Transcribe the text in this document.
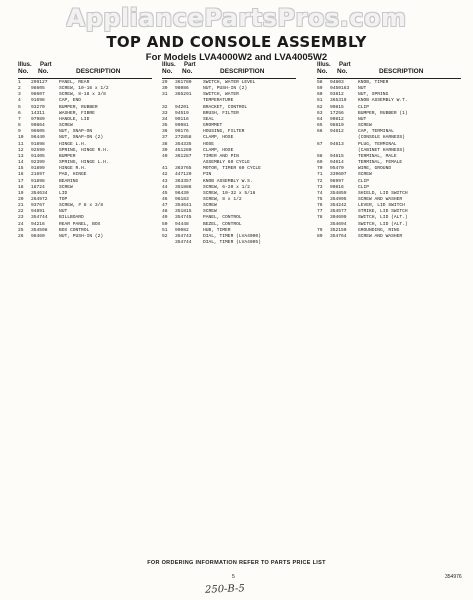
AppliancePartsPros.com
TOP AND CONSOLE ASSEMBLY
For Models LVA4000W2 and LVA4005W2
Illus. Part
No. No.	DESCRIPTION
1	299127	PANEL, REAR
2	98605	SCREW, 10-16 x 1/2
3	98607	SCREW, 8-18 x 3/8
4	91698	CAP, END
5	93270	BUMPER, RUBBER
6	14311	WASHER, FIBRE
7	97989	HANDLE, LID
8	90864	SCREW
9	96605	NUT, SNAP-ON
10	96440	NUT, SNAP-ON (2)
11	91898	HINGE L.H.
12	92599	SPRING, HINGE R.H.
13	91405	BUMPER
14	92399	SPRING, HINGE L.H.
15	91899	HINGE R.H.
16	21697	PAD, HINGE
17	91898	BEARING
18	18724	SCREW
19	354634	LID
20	264972	TOP
21	93767	SCREW, # 8 x 3/8
22	94891	NUT
23	354744	BILLBOARD
24	94216	REAR PANEL, BOX
25	354598	BOX CONTROL
26	98460	NUT, PUSH-IN (2)
Illus. Part
No. No.	DESCRIPTION
29	361780	SWITCH, WATER LEVEL
30	98086	NUT, PUSH-IN (2)
31	365291	SWITCH, WATER
TEMPERATURE
32	94201	BRACKET, CONTROL
33	94519	BRUSH, FILTER
34	99116	SEAL
35	99081	GROMMET
36	99176	HOUSING, FILTER
37	272858	CLAMP, HOSE
38	354335	HOSE
39	451280	CLAMP, HOSE
40	361287	TIMER AND PIN
ASSEMBLY 60 CYCLE
41	363765	MOTOR, TIMER 60 CYCLE
42	447120	PIN
43	363357	KNOB ASSEMBLY W.S.
44	351888	SCREW, 6-20 x 1/2
45	96430	SCREW, 10-32 x 5/16
46	96183	SCREW, 8 x 1/2
47	354641	SCREW
48	351815	SCREW
49	354745	PANEL, CONTROL
50	94448	BEZEL, CONTROL
51	99082	HUB, TIMER
52	354743	DIAL, TIMER (LVA4000)
354744	DIAL, TIMER (LVA4005)
Illus. Part
No. No.	DESCRIPTION
58	94803	KNOB, TIMER
59	9450163	NUT
60	93812	NUT, SPRING
61	365319	KNOB ASSEMBLY W.T.
62	90815	CLIP
63	17256	BUMPER, RUBBER (1)
64	90812	NUT
65	98810	SCREW
66	94612	CAP, TERMINAL
(CONSOLE HARNESS)
67	94613	PLUG, TERMINAL
(CABINET HARNESS)
68	94615	TERMINAL, MALE
69	94614	TERMINAL, FEMALE
70	95470	WIRE, GROUND
71	339607	SCREW
72	98997	CLIP
73	90816	CLIP
74	354859	SHIELD, LID SWITCH
75	354995	SCREW AND WASHER
76	354242	LEVER, LID SWITCH
77	354577	STRIKE, LID SWITCH
78	304699	SWITCH, LID (ALT.)
354694	SWITCH, LID (ALT.)
79	352150	GROUNDING, RING
80	354764	SCREW AND WASHER
FOR ORDERING INFORMATION REFER TO PARTS PRICE LIST
5	354976
250-B-5
